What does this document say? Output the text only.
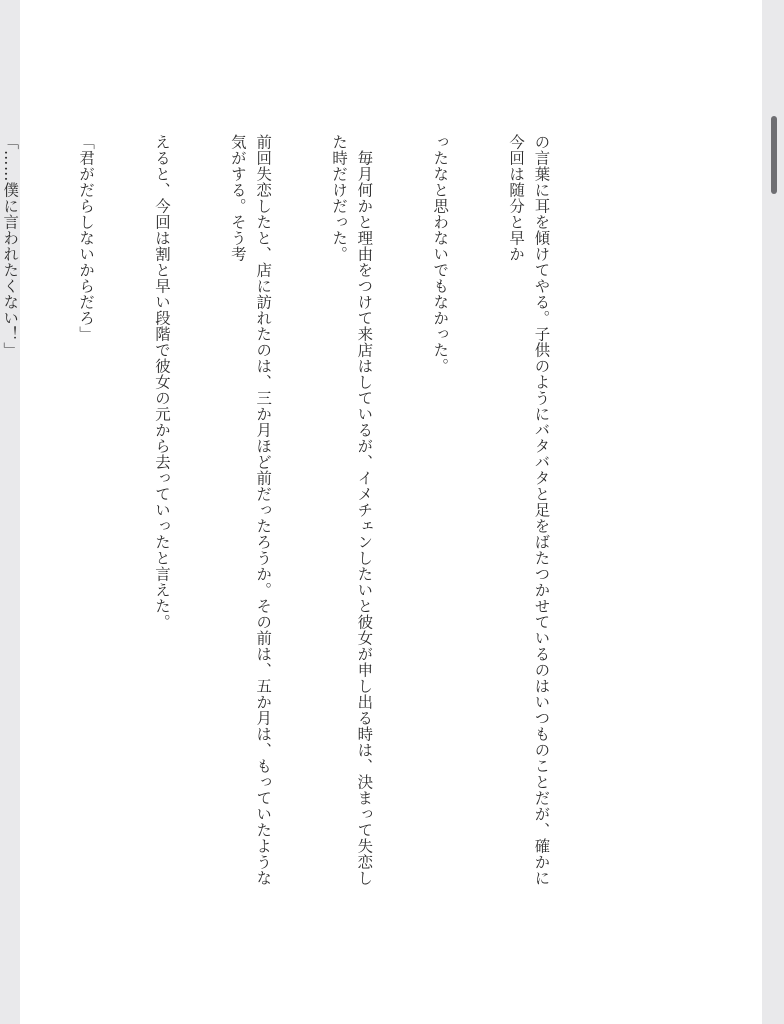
の言葉に耳を傾けてやる。子供のようにバタバタと足をばたつかせているのはいつものことだが、確かに今回は随分と早か

ったなと思わないでもなかった。

　毎月何かと理由をつけて来店はしているが、イメチェンしたいと彼女が申し出る時は、決まって失恋した時だけだった。

前回失恋したと、店に訪れたのは、三か月ほど前だったろうか。その前は、五か月は、もっていたような気がする。そう考

えると、今回は割と早い段階で彼女の元から去っていったと言えた。

「君がだらしないからだろ」

「……僕に言われたくない！」
